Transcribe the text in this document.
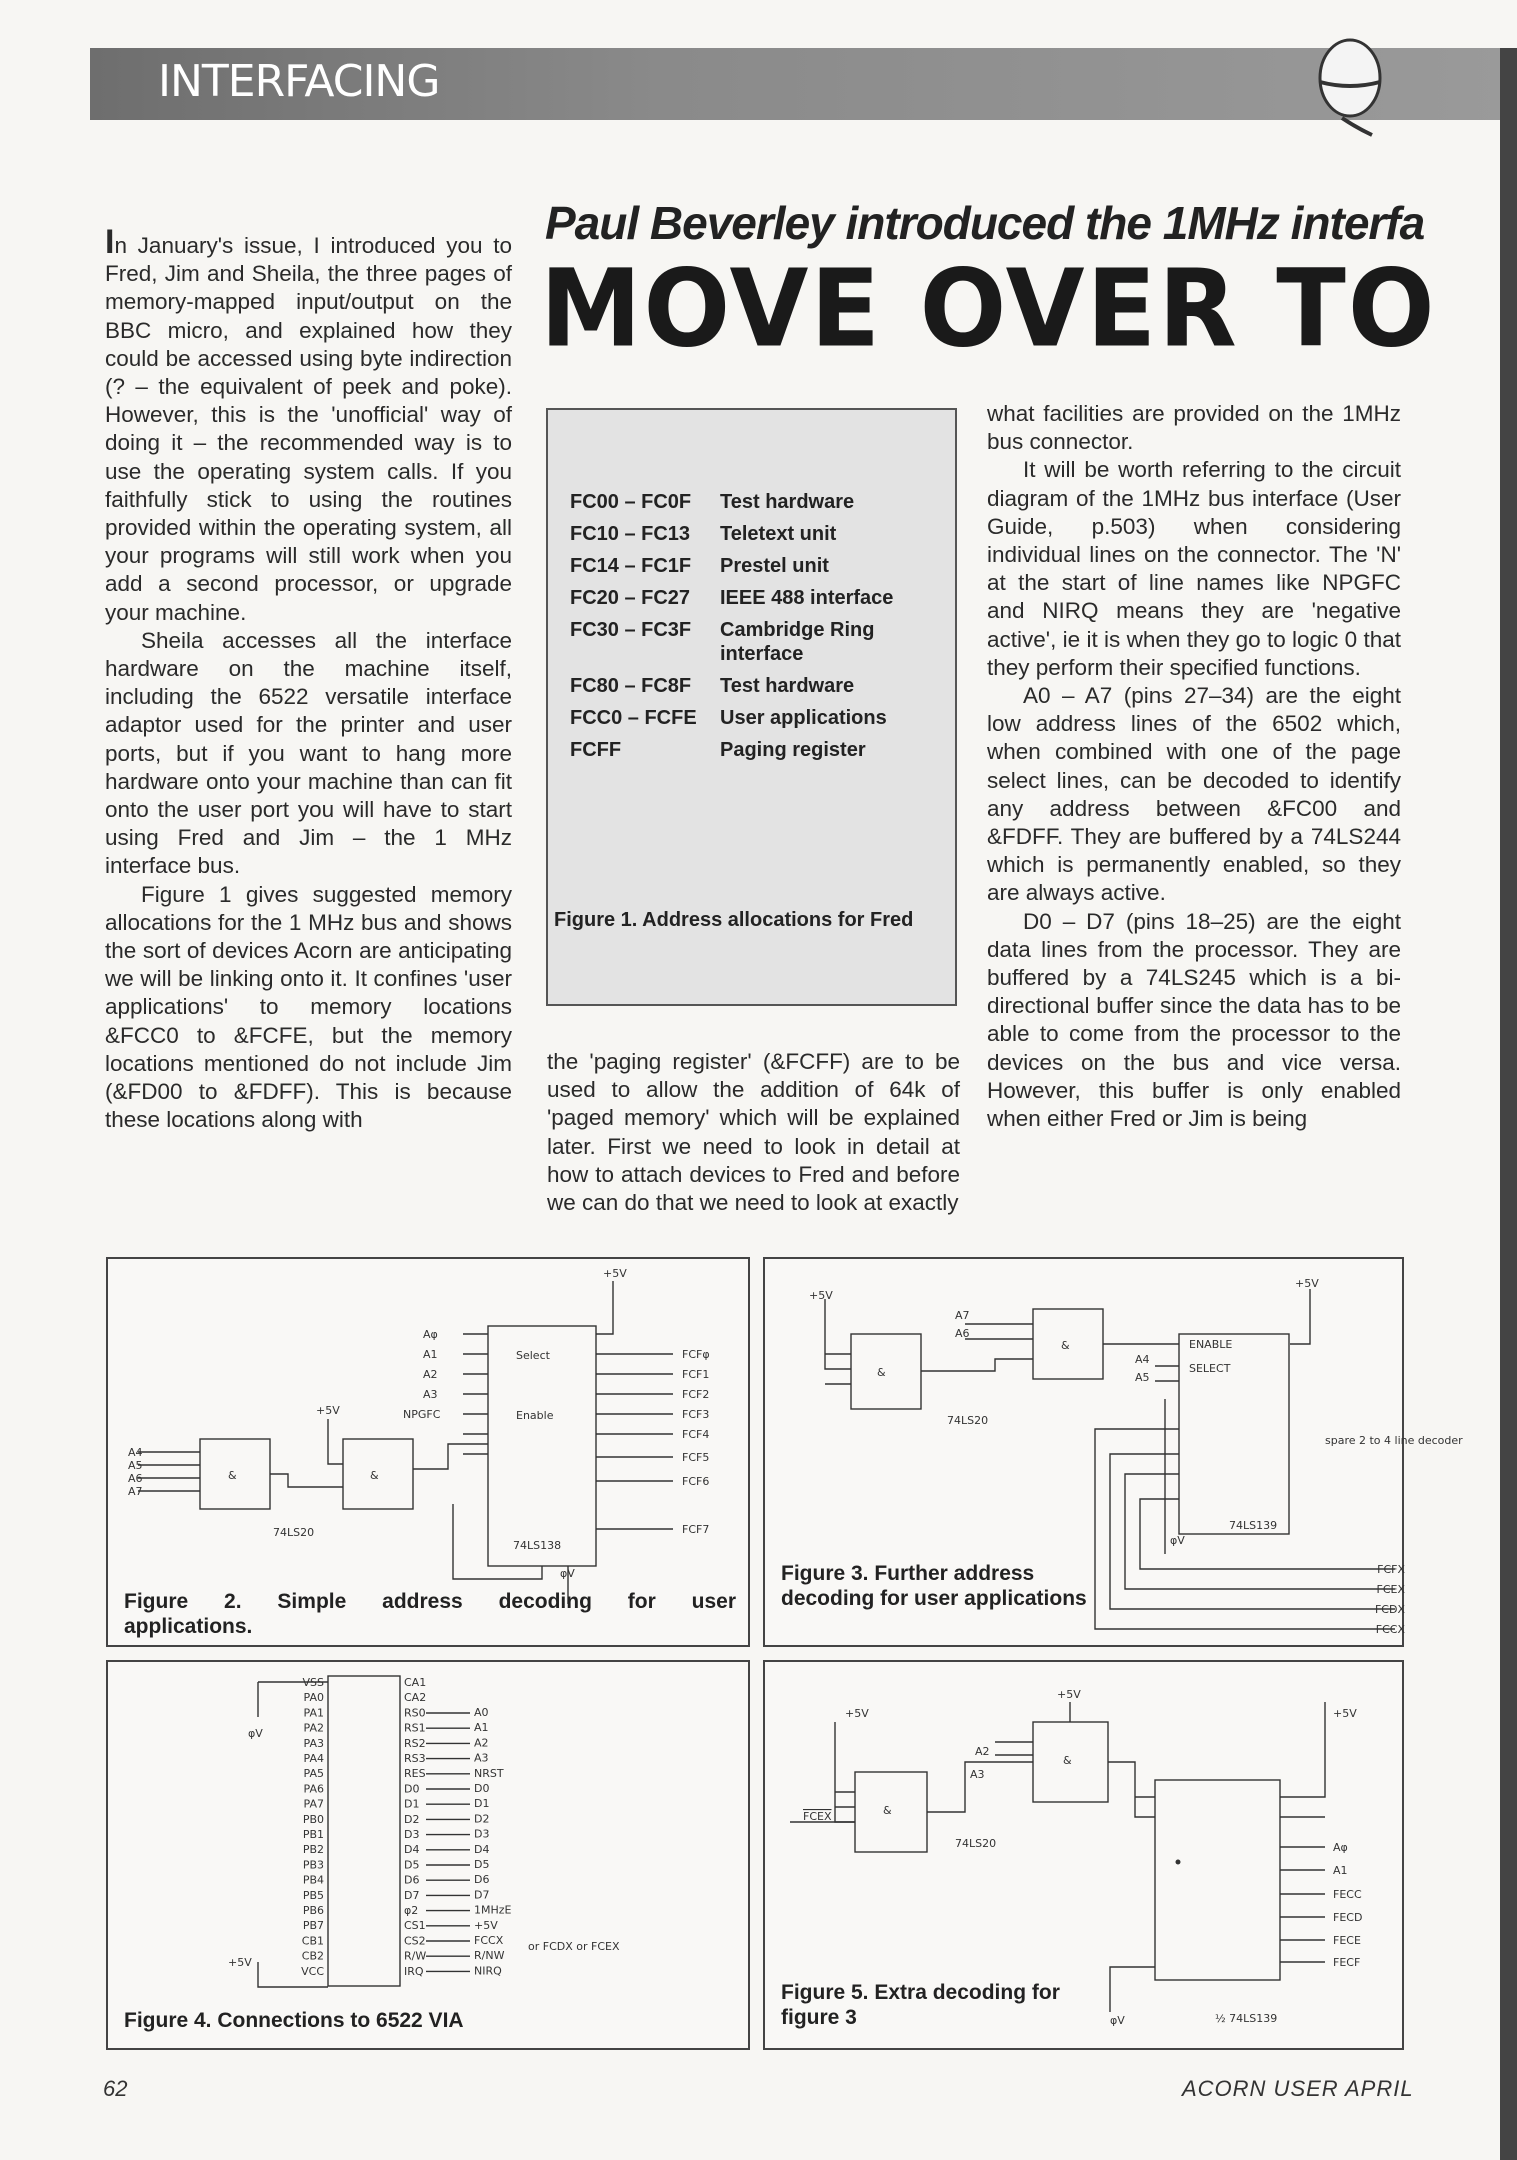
INTERFACING
Paul Beverley introduced the 1MHz interfa
MOVE OVER TO

In January's issue, I introduced you to Fred, Jim and Sheila, the three pages of memory-mapped input/output on the BBC micro, and explained how they could be accessed using byte indirection (? – the equivalent of peek and poke). However, this is the 'unofficial' way of doing it – the recommended way is to use the operating system calls. If you faithfully stick to using the routines provided within the operating system, all your programs will still work when you add a second processor, or upgrade your machine.

Sheila accesses all the interface hardware on the machine itself, including the 6522 versatile interface adaptor used for the printer and user ports, but if you want to hang more hardware onto your machine than can fit onto the user port you will have to start using Fred and Jim – the 1 MHz interface bus.

Figure 1 gives suggested memory allocations for the 1 MHz bus and shows the sort of devices Acorn are anticipating we will be linking onto it. It confines 'user applications' to memory locations &FCC0 to &FCFE, but the memory locations mentioned do not include Jim (&FD00 to &FDFF). This is because these locations along with

FC00 – FC0F	Test hardware
FC10 – FC13	Teletext unit
FC14 – FC1F	Prestel unit
FC20 – FC27	IEEE 488 interface
FC30 – FC3F	Cambridge Ring interface
FC80 – FC8F	Test hardware
FCC0 – FCFE	User applications
FCFF	Paging register
Figure 1. Address allocations for Fred

the 'paging register' (&FCFF) are to be used to allow the addition of 64k of 'paged memory' which will be explained later. First we need to look in detail at how to attach devices to Fred and before we can do that we need to look at exactly

what facilities are provided on the 1MHz bus connector.

It will be worth referring to the circuit diagram of the 1MHz bus interface (User Guide, p.503) when considering individual lines on the connector. The 'N' at the start of line names like NPGFC and NIRQ means they are 'negative active', ie it is when they go to logic 0 that they perform their specified functions.

A0 – A7 (pins 27–34) are the eight low address lines of the 6502 which, when combined with one of the page select lines, can be decoded to identify any address between &FC00 and &FDFF. They are buffered by a 74LS244 which is permanently enabled, so they are always active.

D0 – D7 (pins 18–25) are the eight data lines from the processor. They are buffered by a 74LS245 which is a bi-directional buffer since the data has to be able to come from the processor to the devices on the bus and vice versa. However, this buffer is only enabled when either Fred or Jim is being

&	&
A4
A5
A6
A7
Aφ
A1
A2
A3
NPGFC
Select
Enable
FCFφ
FCF1
FCF2
FCF3
FCF4
FCF5
FCF6
FCF7
74LS20
74LS138
+5V
+5V
φV
Figure 2. Simple address decoding for user applications.
&
&
A7
A6
A4
A5
ENABLE
SELECT
spare 2 to 4 line decoder
FCFX
FCEX
FCDX
FCCX
74LS20
74LS139
+5V
+5V
φV
Figure 3. Further address decoding for user applications
VSS
PA0
PA1
PA2
PA3
PA4
PA5
PA6
PA7
PB0
PB1
PB2
PB3
PB4
PB5
PB6
PB7
CB1
CB2
VCC
CA1
CA2
RS0
RS1
RS2
RS3
RES
D0
D1
D2
D3
D4
D5
D6
D7
φ2
CS1
CS2
R/W
IRQ
A0
A1
A2
A3
NRST
D0
D1
D2
D3
D4
D5
D6
D7
1MHzE
+5V
FCCX
R/NW
NIRQ
φV
+5V
or FCDX or FCEX
Figure 4. Connections to 6522 VIA
&
&
A2
A3
FCEX
Aφ
A1
FECC
FECD
FECE
FECF
74LS20
½ 74LS139
+5V
+5V
+5V
φV
Figure 5. Extra decoding for figure 3
62	ACORN USER APRIL
